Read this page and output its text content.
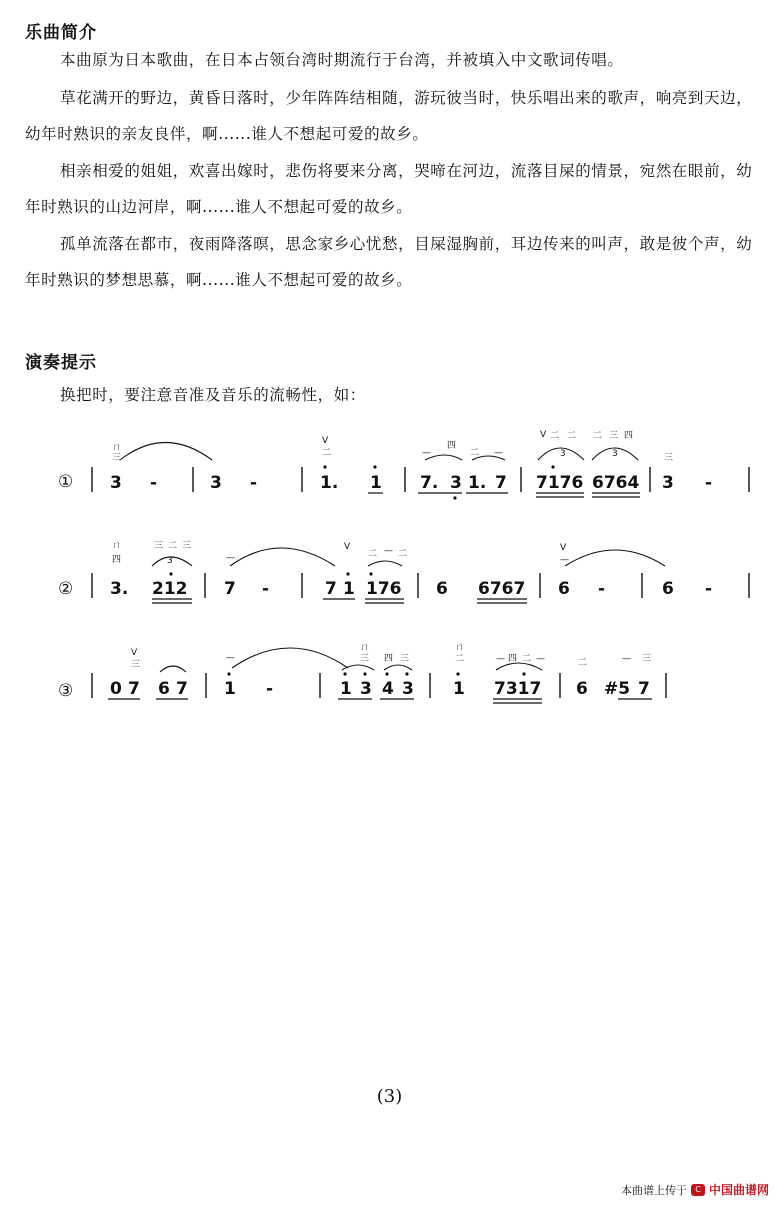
乐曲简介

本曲原为日本歌曲，在日本占领台湾时期流行于台湾，并被填入中文歌词传唱。

草花满开的野边，黄昏日落时，少年阵阵结相随，游玩彼当时，快乐唱出来的歌声，响亮到天边，幼年时熟识的亲友良伴，啊......谁人不想起可爱的故乡。

相亲相爱的姐姐，欢喜出嫁时，悲伤将要来分离，哭啼在河边，流落目屎的情景，宛然在眼前，幼年时熟识的山边河岸，啊......谁人不想起可爱的故乡。

孤单流落在都市，夜雨降落暝，思念家乡心忧愁，目屎湿胸前，耳边传来的叫声，敢是彼个声，幼年时熟识的梦想思慕，啊......谁人不想起可爱的故乡。

演奏提示
换把时，要注意音准及音乐的流畅性，如：
①
ㄇ
三
3 -	3 -
V
二
1. 1
—
四
二 —
7. 3 1. 7
V 二 二 二 三 四
3	3
7176 6764
三
3 -
②
ㄇ
四
3.
三 二 三
3
212
—
7 -
V
二 — 二
7 1 176 6 6767
V
—
6 -	6 -
③
V
三
0 7 6 7
—
1 -
ㄇ
三 四 三
1 3 4 3
ㄇ
二
1
— 四 二 —
7317
二
6
— 三
#5 7
(3)
本曲谱上传于	C 中国曲谱网
